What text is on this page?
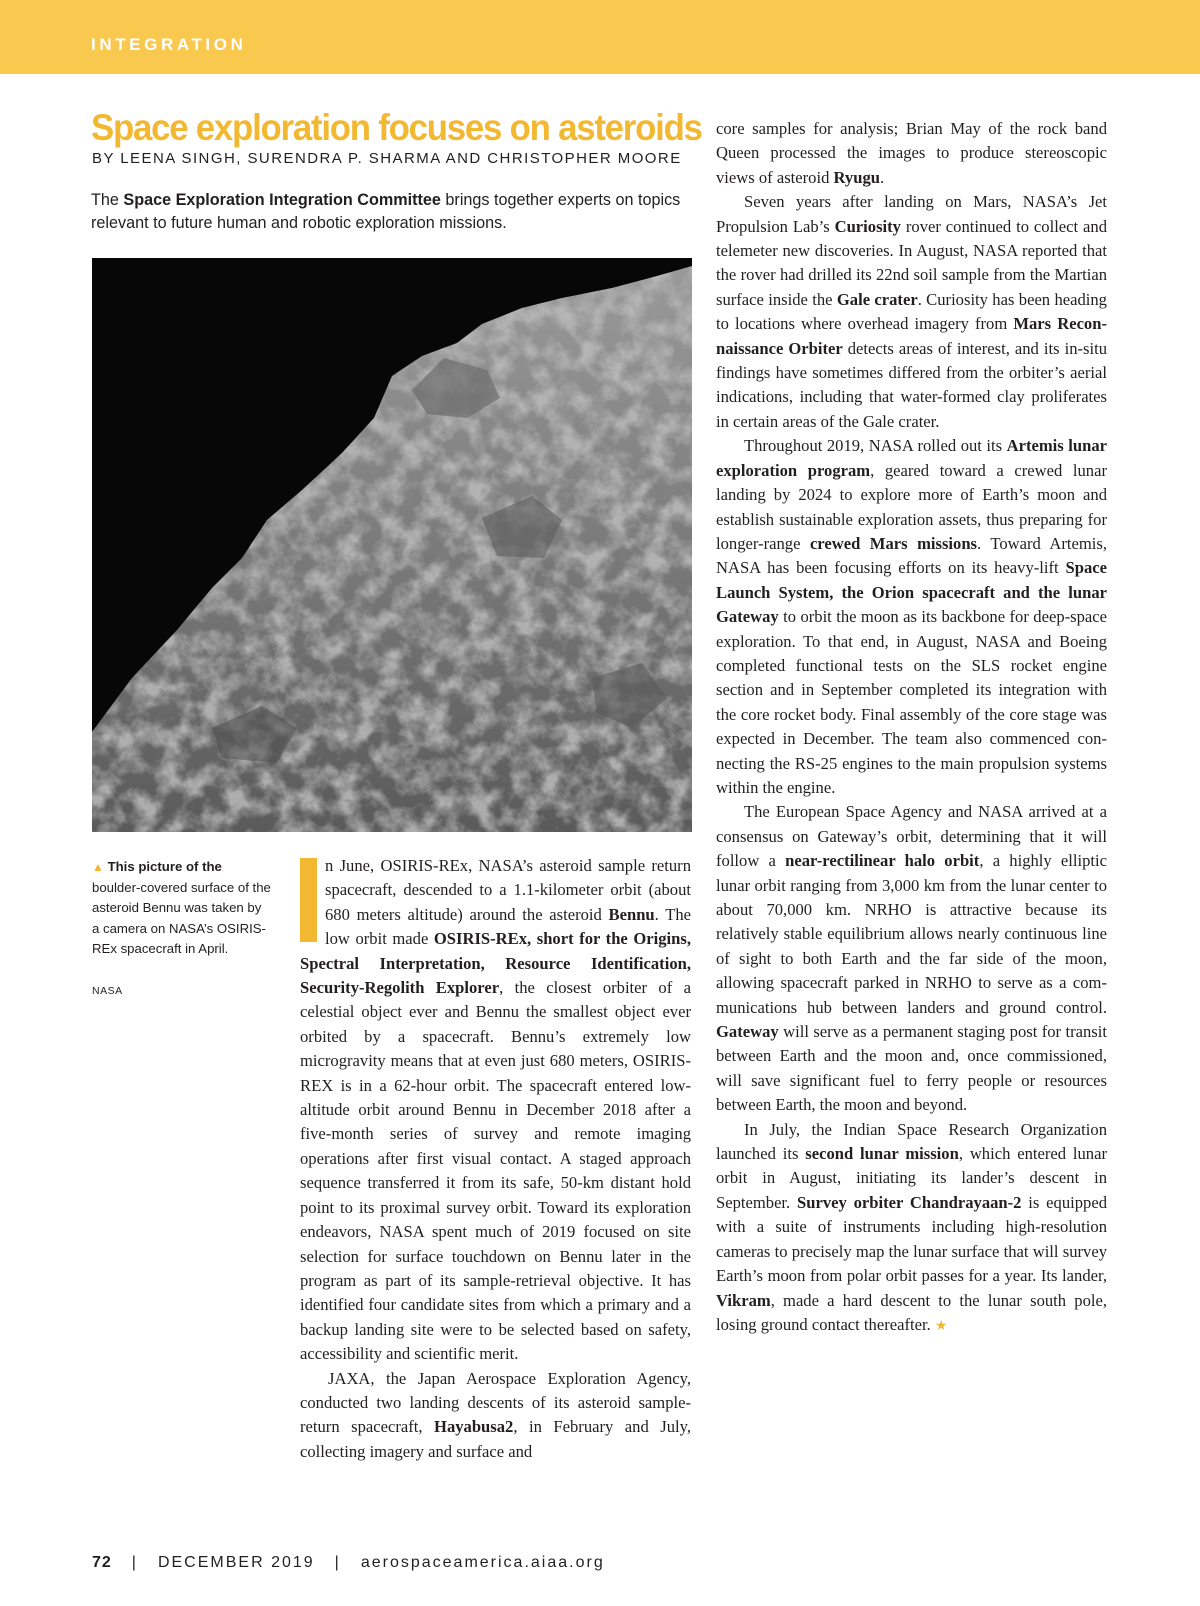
INTEGRATION
Space exploration focuses on asteroids
BY LEENA SINGH, SURENDRA P. SHARMA AND CHRISTOPHER MOORE
The Space Exploration Integration Committee brings together experts on topics relevant to future human and robotic exploration missions.
▲ This picture of the boulder-covered surface of the asteroid Bennu was taken by a camera on NASA’s OSIRIS-REx spacecraft in April.
NASA

n June, OSIRIS-REx, NASA’s asteroid sample return spacecraft, descended to a 1.1-kilometer orbit (about 680 meters altitude) around the asteroid Bennu. The low orbit made OSIRIS-REx, short for the Origins, Spectral Interpretation, Resource Identification, Security-Regolith Explorer, the closest orbiter of a celestial object ever and Bennu the smallest object ever orbited by a spacecraft. Bennu’s extremely low microgravity means that at even just 680 meters, OSIRIS-REX is in a 62-hour orbit. The spacecraft entered low-altitude orbit around Bennu in December 2018 after a five-month series of survey and remote imaging operations after first visual contact. A staged approach sequence transferred it from its safe, 50-km distant hold point to its proximal survey orbit. Toward its exploration endeavors, NASA spent much of 2019 focused on site selection for surface touchdown on Bennu later in the program as part of its sample-retrieval objective. It has identified four candidate sites from which a primary and a backup landing site were to be selected based on safety, accessibility and scientific merit.

JAXA, the Japan Aerospace Exploration Agency, conducted two landing descents of its asteroid sample-return spacecraft, Hayabusa2, in February and July, collecting imagery and surface and

core samples for analysis; Brian May of the rock band Queen processed the images to produce stereoscopic views of asteroid Ryugu.

Seven years after landing on Mars, NASA’s Jet Propulsion Lab’s Curiosity rover continued to collect and telemeter new discoveries. In August, NASA reported that the rover had drilled its 22nd soil sample from the Martian surface inside the Gale crater. Curiosity has been heading to locations where overhead imagery from Mars Reconnaissance Orbiter detects areas of interest, and its in-situ findings have sometimes differed from the orbiter’s aerial indications, including that water-formed clay proliferates in certain areas of the Gale crater.

Throughout 2019, NASA rolled out its Artemis lunar exploration program, geared toward a crewed lunar landing by 2024 to explore more of Earth’s moon and establish sustainable exploration assets, thus preparing for longer-range crewed Mars missions. Toward Artemis, NASA has been focusing efforts on its heavy-lift Space Launch System, the Orion spacecraft and the lunar Gateway to orbit the moon as its backbone for deep-space exploration. To that end, in August, NASA and Boeing completed functional tests on the SLS rocket engine section and in September completed its integration with the core rocket body. Final assembly of the core stage was expected in December. The team also commenced connecting the RS-25 engines to the main propulsion systems within the engine.

The European Space Agency and NASA arrived at a consensus on Gateway’s orbit, determining that it will follow a near-rectilinear halo orbit, a highly elliptic lunar orbit ranging from 3,000 km from the lunar center to about 70,000 km. NRHO is attractive because its relatively stable equilibrium allows nearly continuous line of sight to both Earth and the far side of the moon, allowing spacecraft parked in NRHO to serve as a communications hub between landers and ground control. Gateway will serve as a permanent staging post for transit between Earth and the moon and, once commissioned, will save significant fuel to ferry people or resources between Earth, the moon and beyond.

In July, the Indian Space Research Organization launched its second lunar mission, which entered lunar orbit in August, initiating its lander’s descent in September. Survey orbiter Chandrayaan-2 is equipped with a suite of instruments including high-resolution cameras to precisely map the lunar surface that will survey Earth’s moon from polar orbit passes for a year. Its lander, Vikram, made a hard descent to the lunar south pole, losing ground contact thereafter. ★

72 | DECEMBER 2019 | aerospaceamerica.aiaa.org
